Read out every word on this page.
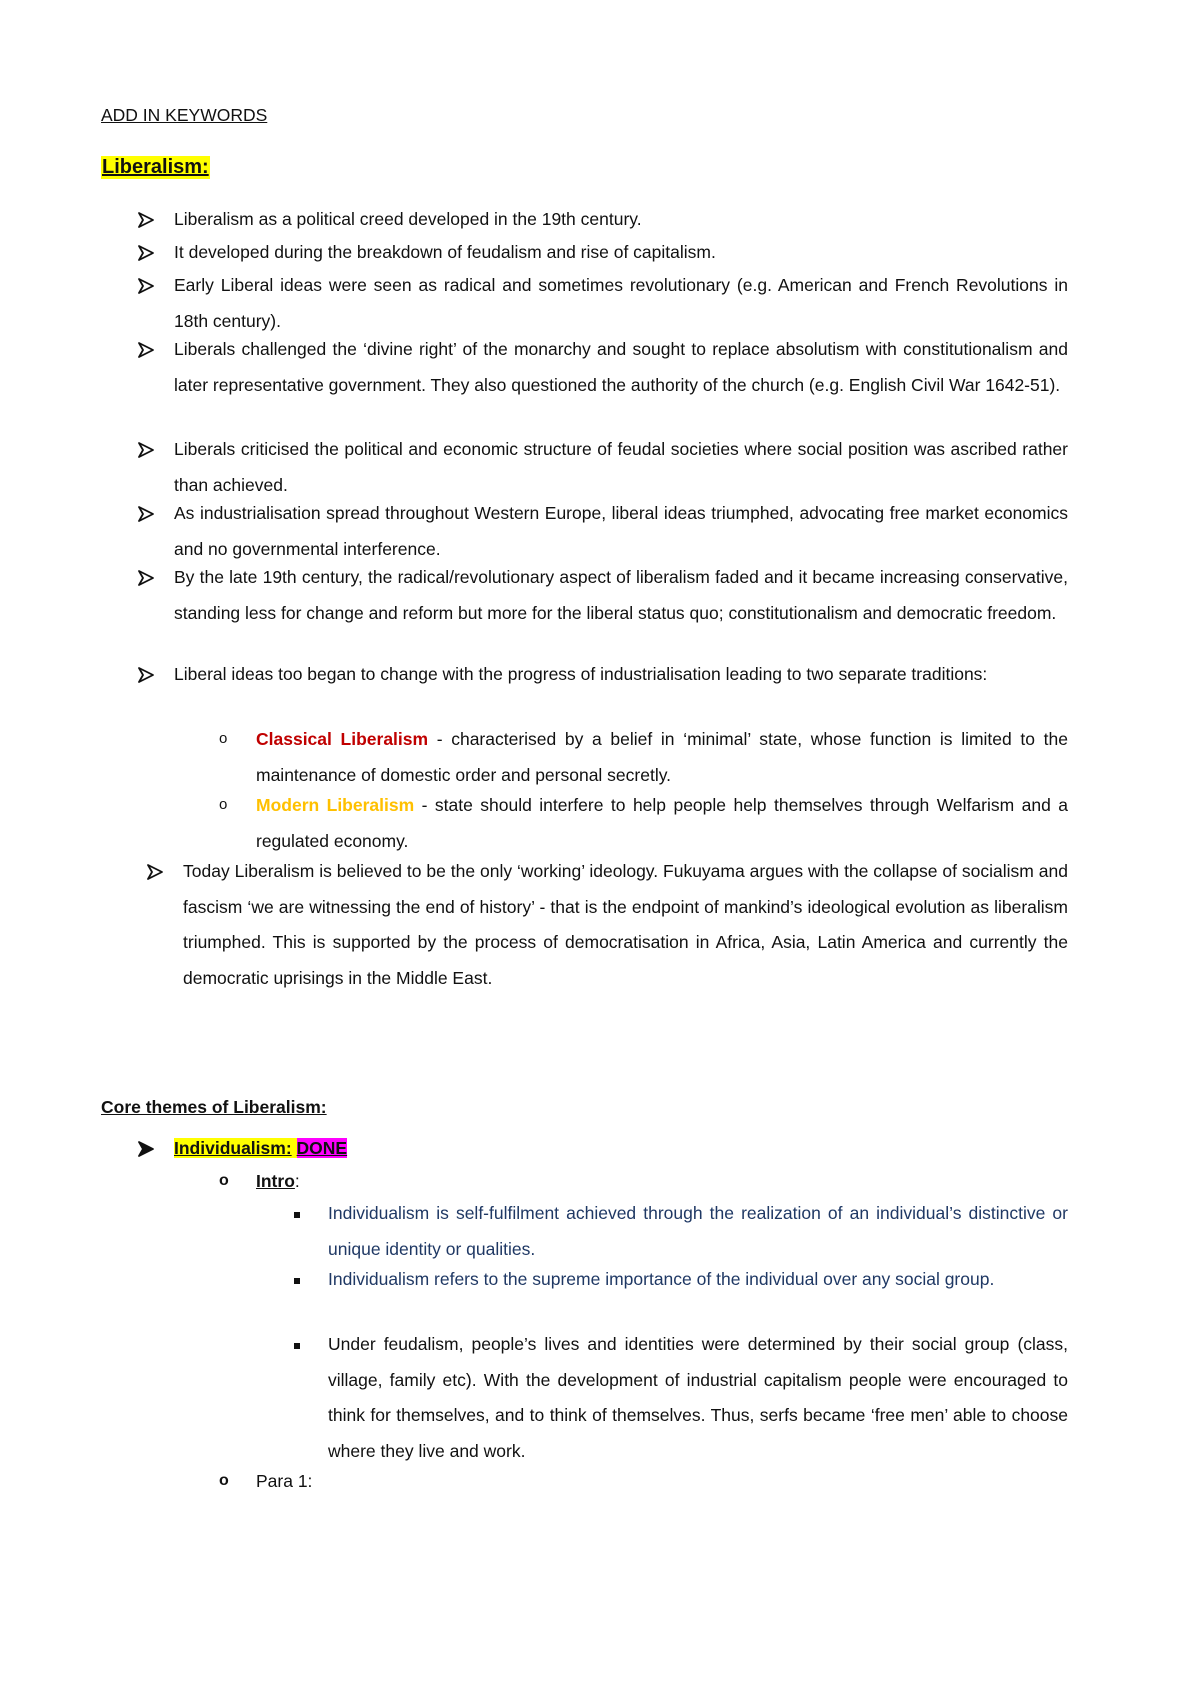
ADD IN KEYWORDS
Liberalism:
Liberalism as a political creed developed in the 19th century.
It developed during the breakdown of feudalism and rise of capitalism.
Early Liberal ideas were seen as radical and sometimes revolutionary (e.g. American and French Revolutions in 18th century).
Liberals challenged the ‘divine right’ of the monarchy and sought to replace absolutism with constitutionalism and later representative government. They also questioned the authority of the church (e.g. English Civil War 1642-51).
Liberals criticised the political and economic structure of feudal societies where social position was ascribed rather than achieved.
As industrialisation spread throughout Western Europe, liberal ideas triumphed, advocating free market economics and no governmental interference.
By the late 19th century, the radical/revolutionary aspect of liberalism faded and it became increasing conservative, standing less for change and reform but more for the liberal status quo; constitutionalism and democratic freedom.
Liberal ideas too began to change with the progress of industrialisation leading to two separate traditions:
o Classical Liberalism - characterised by a belief in ‘minimal’ state, whose function is limited to the maintenance of domestic order and personal secretly.
o Modern Liberalism - state should interfere to help people help themselves through Welfarism and a regulated economy.
Today Liberalism is believed to be the only ‘working’ ideology. Fukuyama argues with the collapse of socialism and fascism ‘we are witnessing the end of history’ - that is the endpoint of mankind’s ideological evolution as liberalism triumphed. This is supported by the process of democratisation in Africa, Asia, Latin America and currently the democratic uprisings in the Middle East.
Core themes of Liberalism:
Individualism: DONE
o Intro:
Individualism is self-fulfilment achieved through the realization of an individual’s distinctive or unique identity or qualities.
Individualism refers to the supreme importance of the individual over any social group.
Under feudalism, people’s lives and identities were determined by their social group (class, village, family etc). With the development of industrial capitalism people were encouraged to think for themselves, and to think of themselves. Thus, serfs became ‘free men’ able to choose where they live and work.
o Para 1:
